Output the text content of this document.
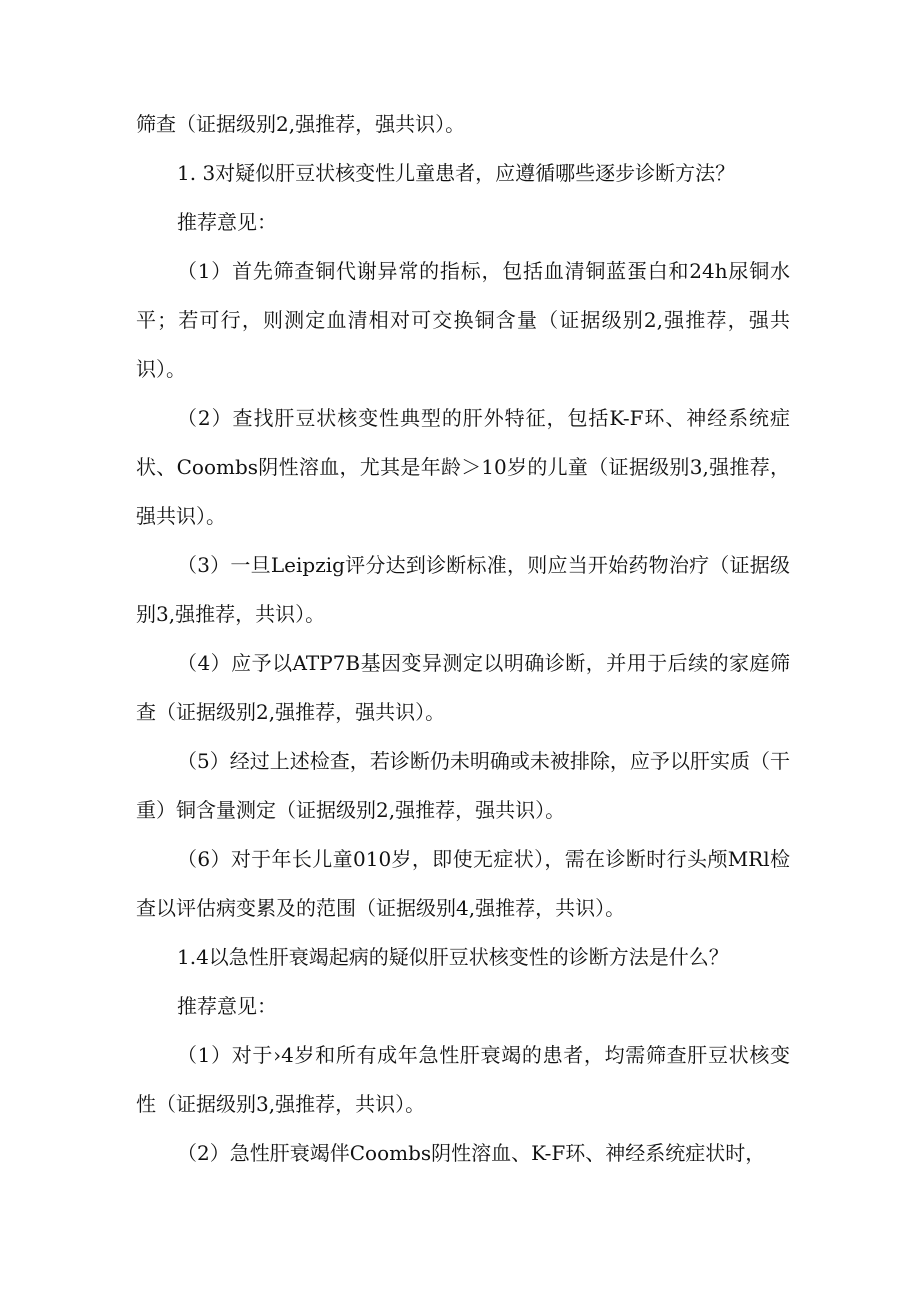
筛查（证据级别2,强推荐，强共识）。

1. 3对疑似肝豆状核变性儿童患者，应遵循哪些逐步诊断方法？

推荐意见：

（1）首先筛查铜代谢异常的指标，包括血清铜蓝蛋白和24h尿铜水平；若可行，则测定血清相对可交换铜含量（证据级别2,强推荐，强共识）。

（2）查找肝豆状核变性典型的肝外特征，包括K-F环、神经系统症状、Coombs阴性溶血，尤其是年龄＞10岁的儿童（证据级别3,强推荐，强共识）。

（3）一旦Leipzig评分达到诊断标准，则应当开始药物治疗（证据级别3,强推荐，共识）。

（4）应予以ATP7B基因变异测定以明确诊断，并用于后续的家庭筛查（证据级别2,强推荐，强共识）。

（5）经过上述检查，若诊断仍未明确或未被排除，应予以肝实质（干重）铜含量测定（证据级别2,强推荐，强共识）。

（6）对于年长儿童010岁，即使无症状），需在诊断时行头颅MRl检查以评估病变累及的范围（证据级别4,强推荐，共识）。

1.4以急性肝衰竭起病的疑似肝豆状核变性的诊断方法是什么？

推荐意见：

（1）对于›4岁和所有成年急性肝衰竭的患者，均需筛查肝豆状核变性（证据级别3,强推荐，共识）。

（2）急性肝衰竭伴Coombs阴性溶血、K-F环、神经系统症状时，
